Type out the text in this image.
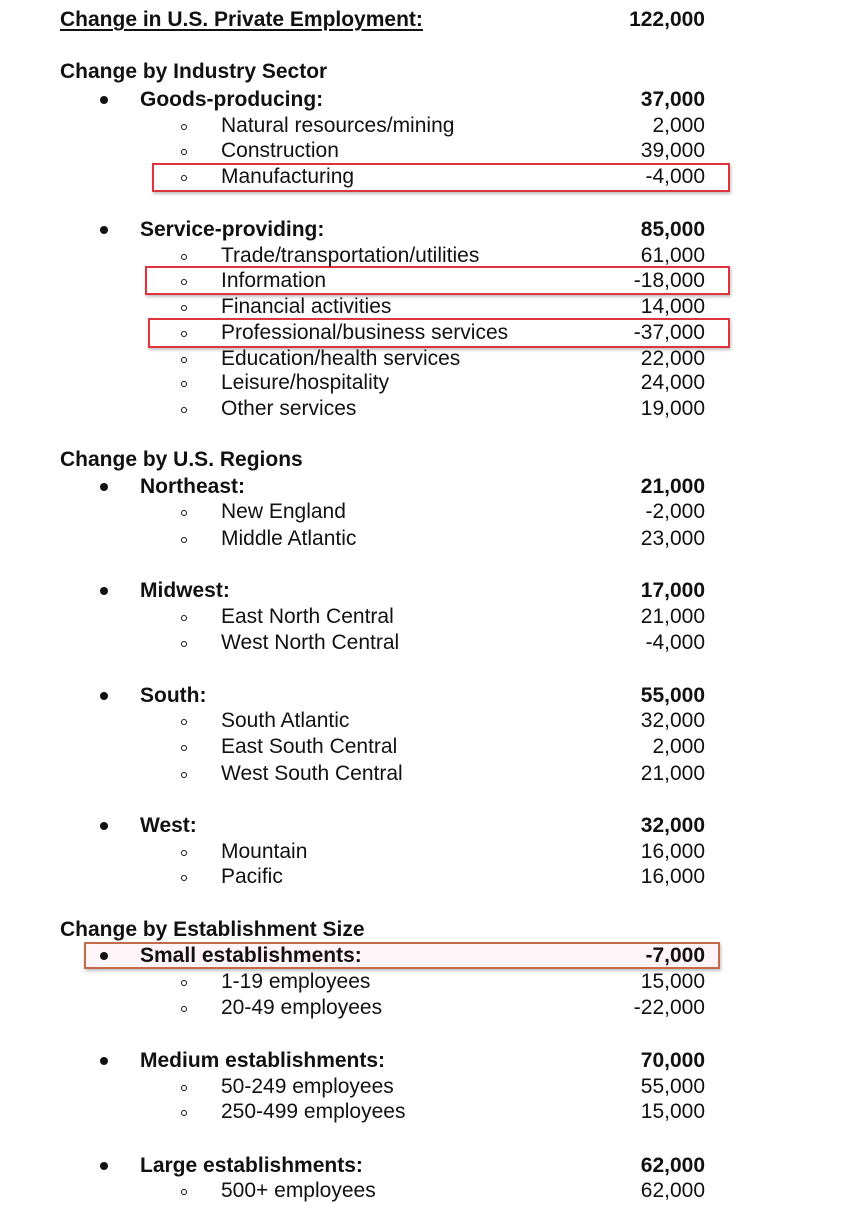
Change in U.S. Private Employment:	122,000
Change by Industry Sector
Goods-producing:	37,000
Natural resources/mining	2,000
Construction	39,000
Manufacturing	-4,000
Service-providing:	85,000
Trade/transportation/utilities	61,000
Information	-18,000
Financial activities	14,000
Professional/business services	-37,000
Education/health services	22,000
Leisure/hospitality	24,000
Other services	19,000
Change by U.S. Regions
Northeast:	21,000
New England	-2,000
Middle Atlantic	23,000
Midwest:	17,000
East North Central	21,000
West North Central	-4,000
South:	55,000
South Atlantic	32,000
East South Central	2,000
West South Central	21,000
West:	32,000
Mountain	16,000
Pacific	16,000
Change by Establishment Size
Small establishments:	-7,000
1-19 employees	15,000
20-49 employees	-22,000
Medium establishments:	70,000
50-249 employees	55,000
250-499 employees	15,000
Large establishments:	62,000
500+ employees	62,000
